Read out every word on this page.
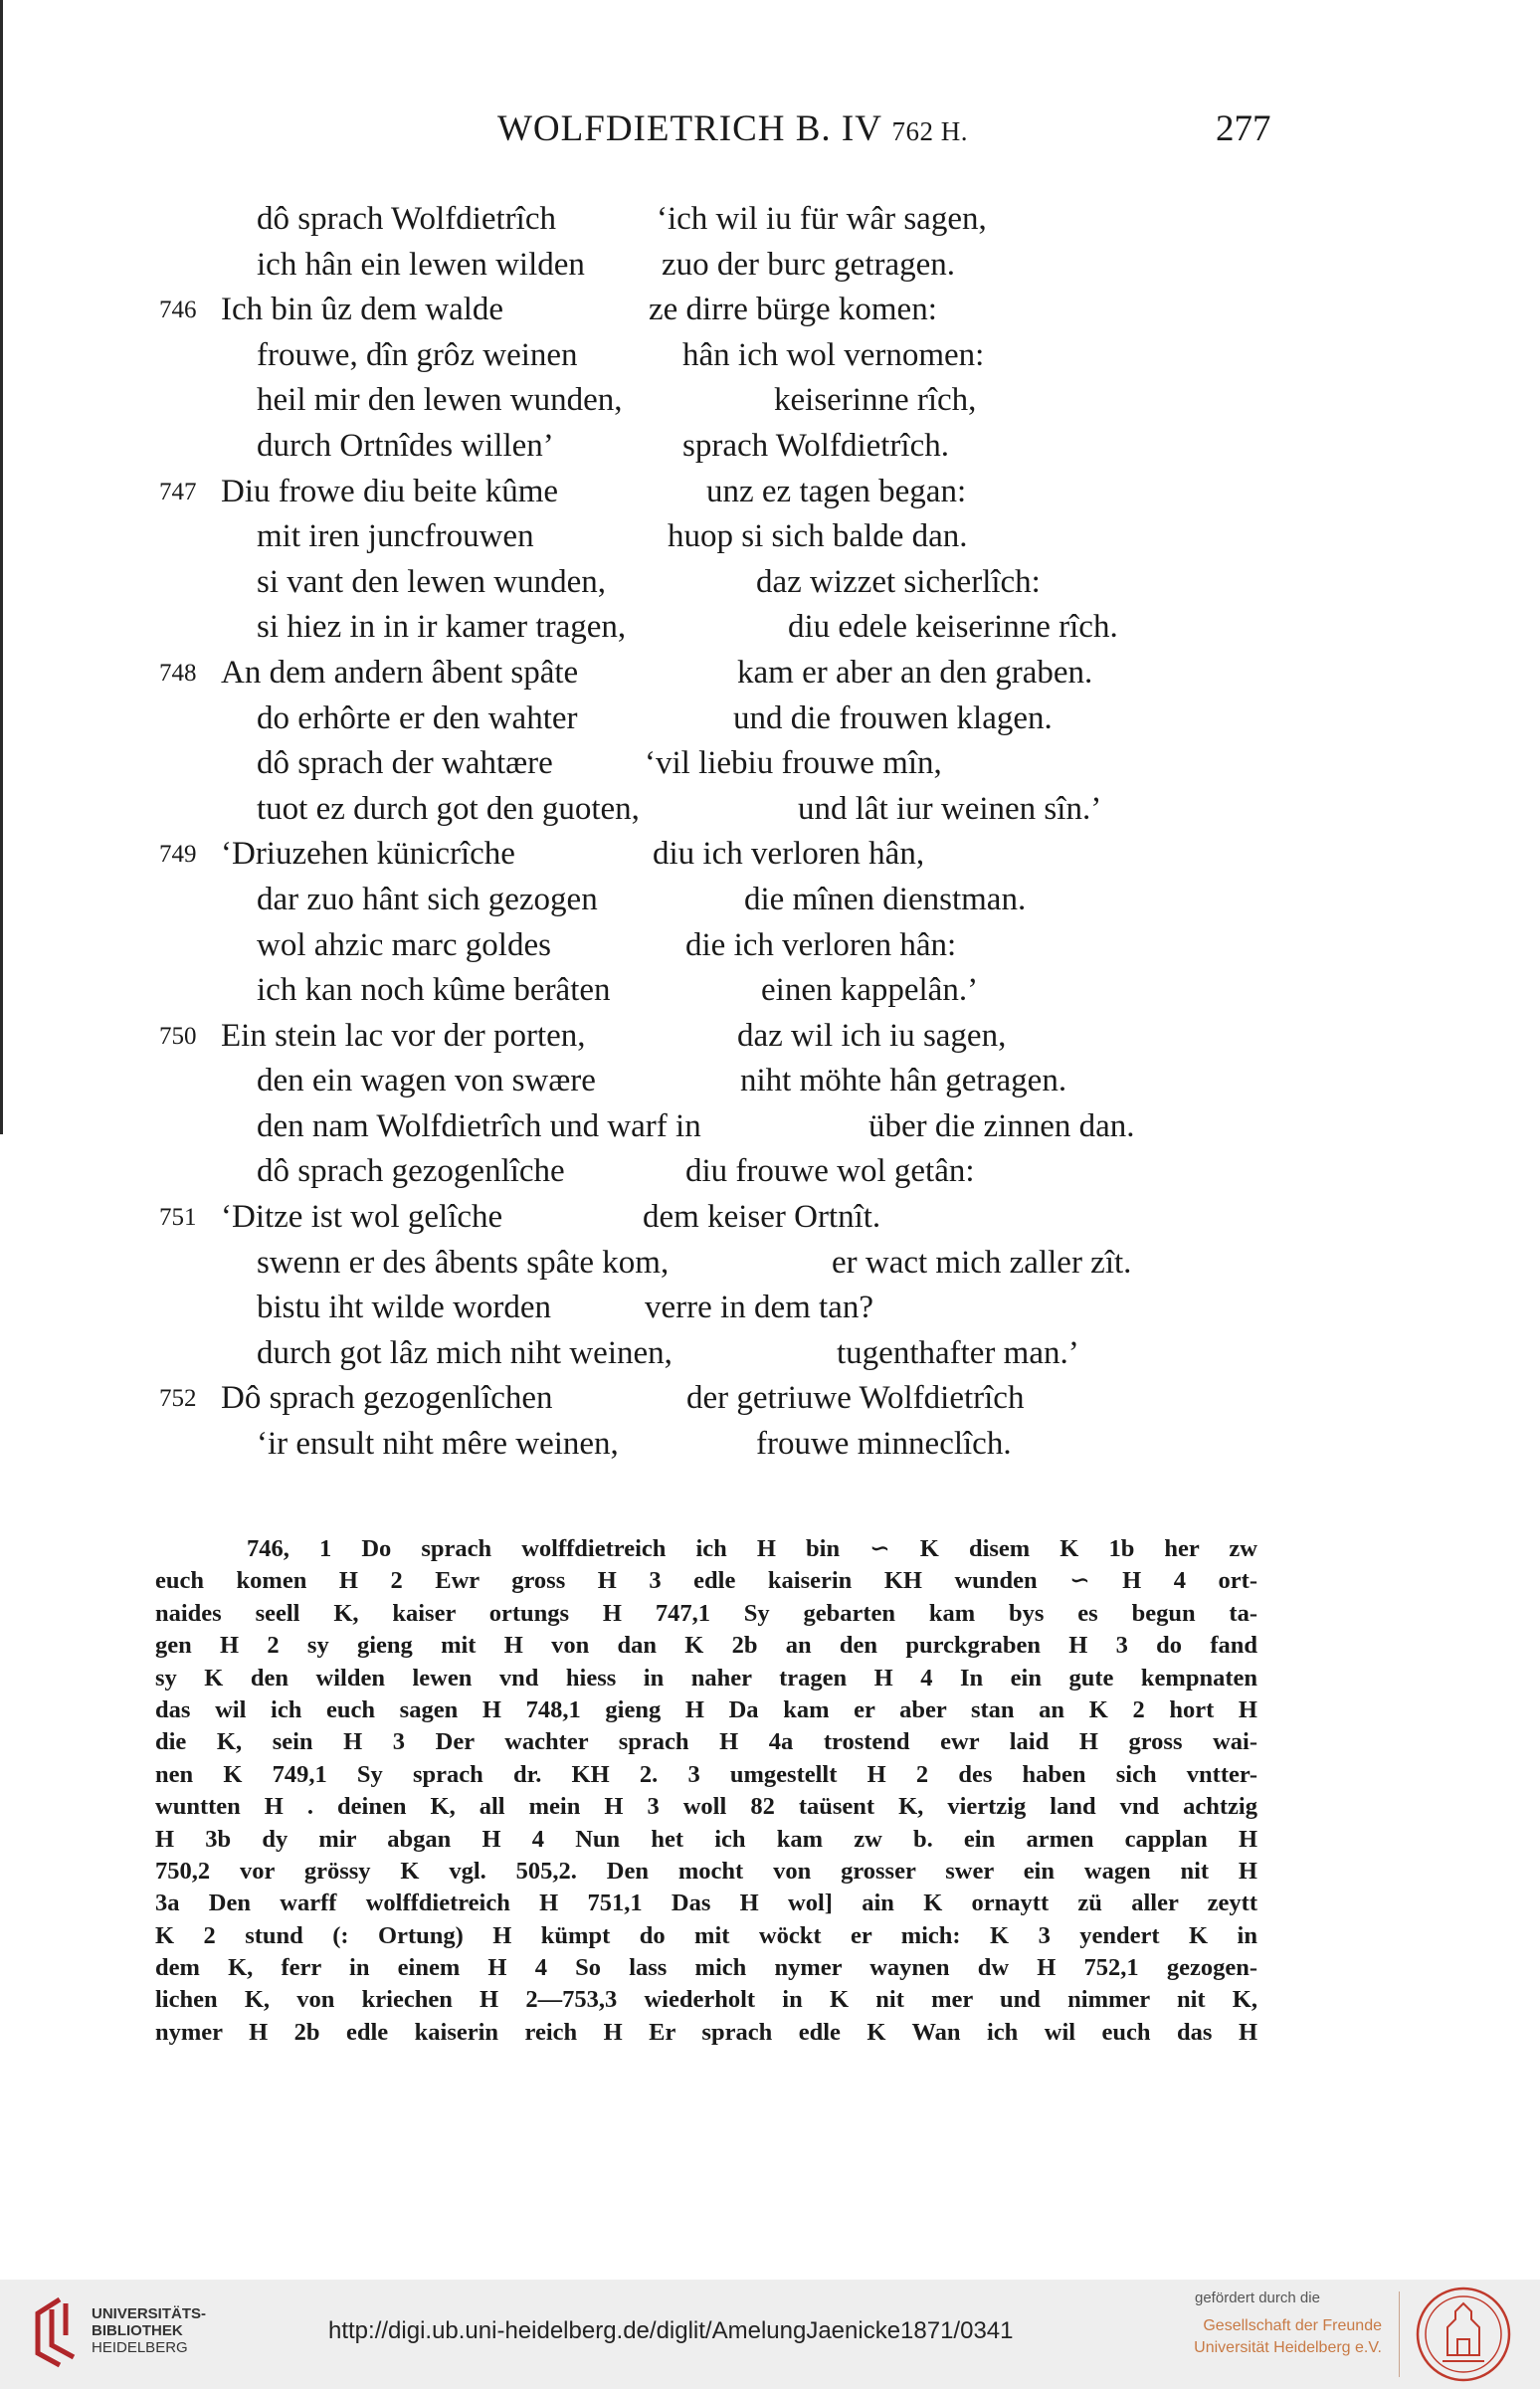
WOLFDIETRICH B. IV 762 H.	277
dô sprach Wolfdietrîch	‘ich wil iu für wâr sagen,
ich hân ein lewen wilden zuo der burc getragen.
746 Ich bin ûz dem walde	ze dirre bürge komen:
frouwe, dîn grôz weinen	hân ich wol vernomen:
heil mir den lewen wunden,	keiserinne rîch,
durch Ortnîdes willen’	sprach Wolfdietrîch.
747 Diu frowe diu beite kûme	unz ez tagen began:
mit iren juncfrouwen	huop si sich balde dan.
si vant den lewen wunden,	daz wizzet sicherlîch:
si hiez in in ir kamer tragen,	diu edele keiserinne rîch.
748 An dem andern âbent spâte	kam er aber an den graben.
do erhôrte er den wahter	und die frouwen klagen.
dô sprach der wahtære	‘vil liebiu frouwe mîn,
tuot ez durch got den guoten,	und lât iur weinen sîn.’
749 ‘Driuzehen künicrîche	diu ich verloren hân,
dar zuo hânt sich gezogen	die mînen dienstman.
wol ahzic marc goldes	die ich verloren hân:
ich kan noch kûme berâten	einen kappelân.’
750 Ein stein lac vor der porten,	daz wil ich iu sagen,
den ein wagen von swære	niht möhte hân getragen.
den nam Wolfdietrîch und warf in	über die zinnen dan.
dô sprach gezogenlîche	diu frouwe wol getân:
751 ‘Ditze ist wol gelîche	dem keiser Ortnît.
swenn er des âbents spâte kom,	er wact mich zaller zît.
bistu iht wilde worden	verre in dem tan?
durch got lâz mich niht weinen,	tugenthafter man.’
752 Dô sprach gezogenlîchen	der getriuwe Wolfdietrîch
‘ir ensult niht mêre weinen,	frouwe minneclîch.
746, 1 Do sprach wolffdietreich ich H bin ∽ K disem K 1b her zw
euch komen H 2 Ewr gross H 3 edle kaiserin KH wunden ∽ H 4 ort-
naides seell K, kaiser ortungs H 747,1 Sy gebarten kam bys es begun ta-
gen H 2 sy gieng mit H von dan K 2b an den purckgraben H 3 do fand
sy K den wilden lewen vnd hiess in naher tragen H 4 In ein gute kempnaten
das wil ich euch sagen H 748,1 gieng H Da kam er aber stan an K 2 hort H
die K, sein H 3 Der wachter sprach H 4a trostend ewr laid H gross wai-
nen K 749,1 Sy sprach dr. KH 2. 3 umgestellt H 2 des haben sich vntter-
wuntten H . deinen K, all mein H 3 woll 82 taüsent K, viertzig land vnd achtzig
H 3b dy mir abgan H 4 Nun het ich kam zw b. ein armen capplan H
750,2 vor grössy K vgl. 505,2. Den mocht von grosser swer ein wagen nit H
3a Den warff wolffdietreich H 751,1 Das H wol] ain K ornaytt zü aller zeytt
K 2 stund (: Ortung) H kümpt do mit wöckt er mich: K 3 yendert K in
dem K, ferr in einem H 4 So lass mich nymer waynen dw H 752,1 gezogen-
lichen K, von kriechen H 2—753,3 wiederholt in K nit mer und nimmer nit K,
nymer H 2b edle kaiserin reich H Er sprach edle K Wan ich wil euch das H
UNIVERSITÄTS-
BIBLIOTHEK
HEIDELBERG
http://digi.ub.uni-heidelberg.de/diglit/AmelungJaenicke1871/0341
gefördert durch die
Gesellschaft der Freunde
Universität Heidelberg e.V.
